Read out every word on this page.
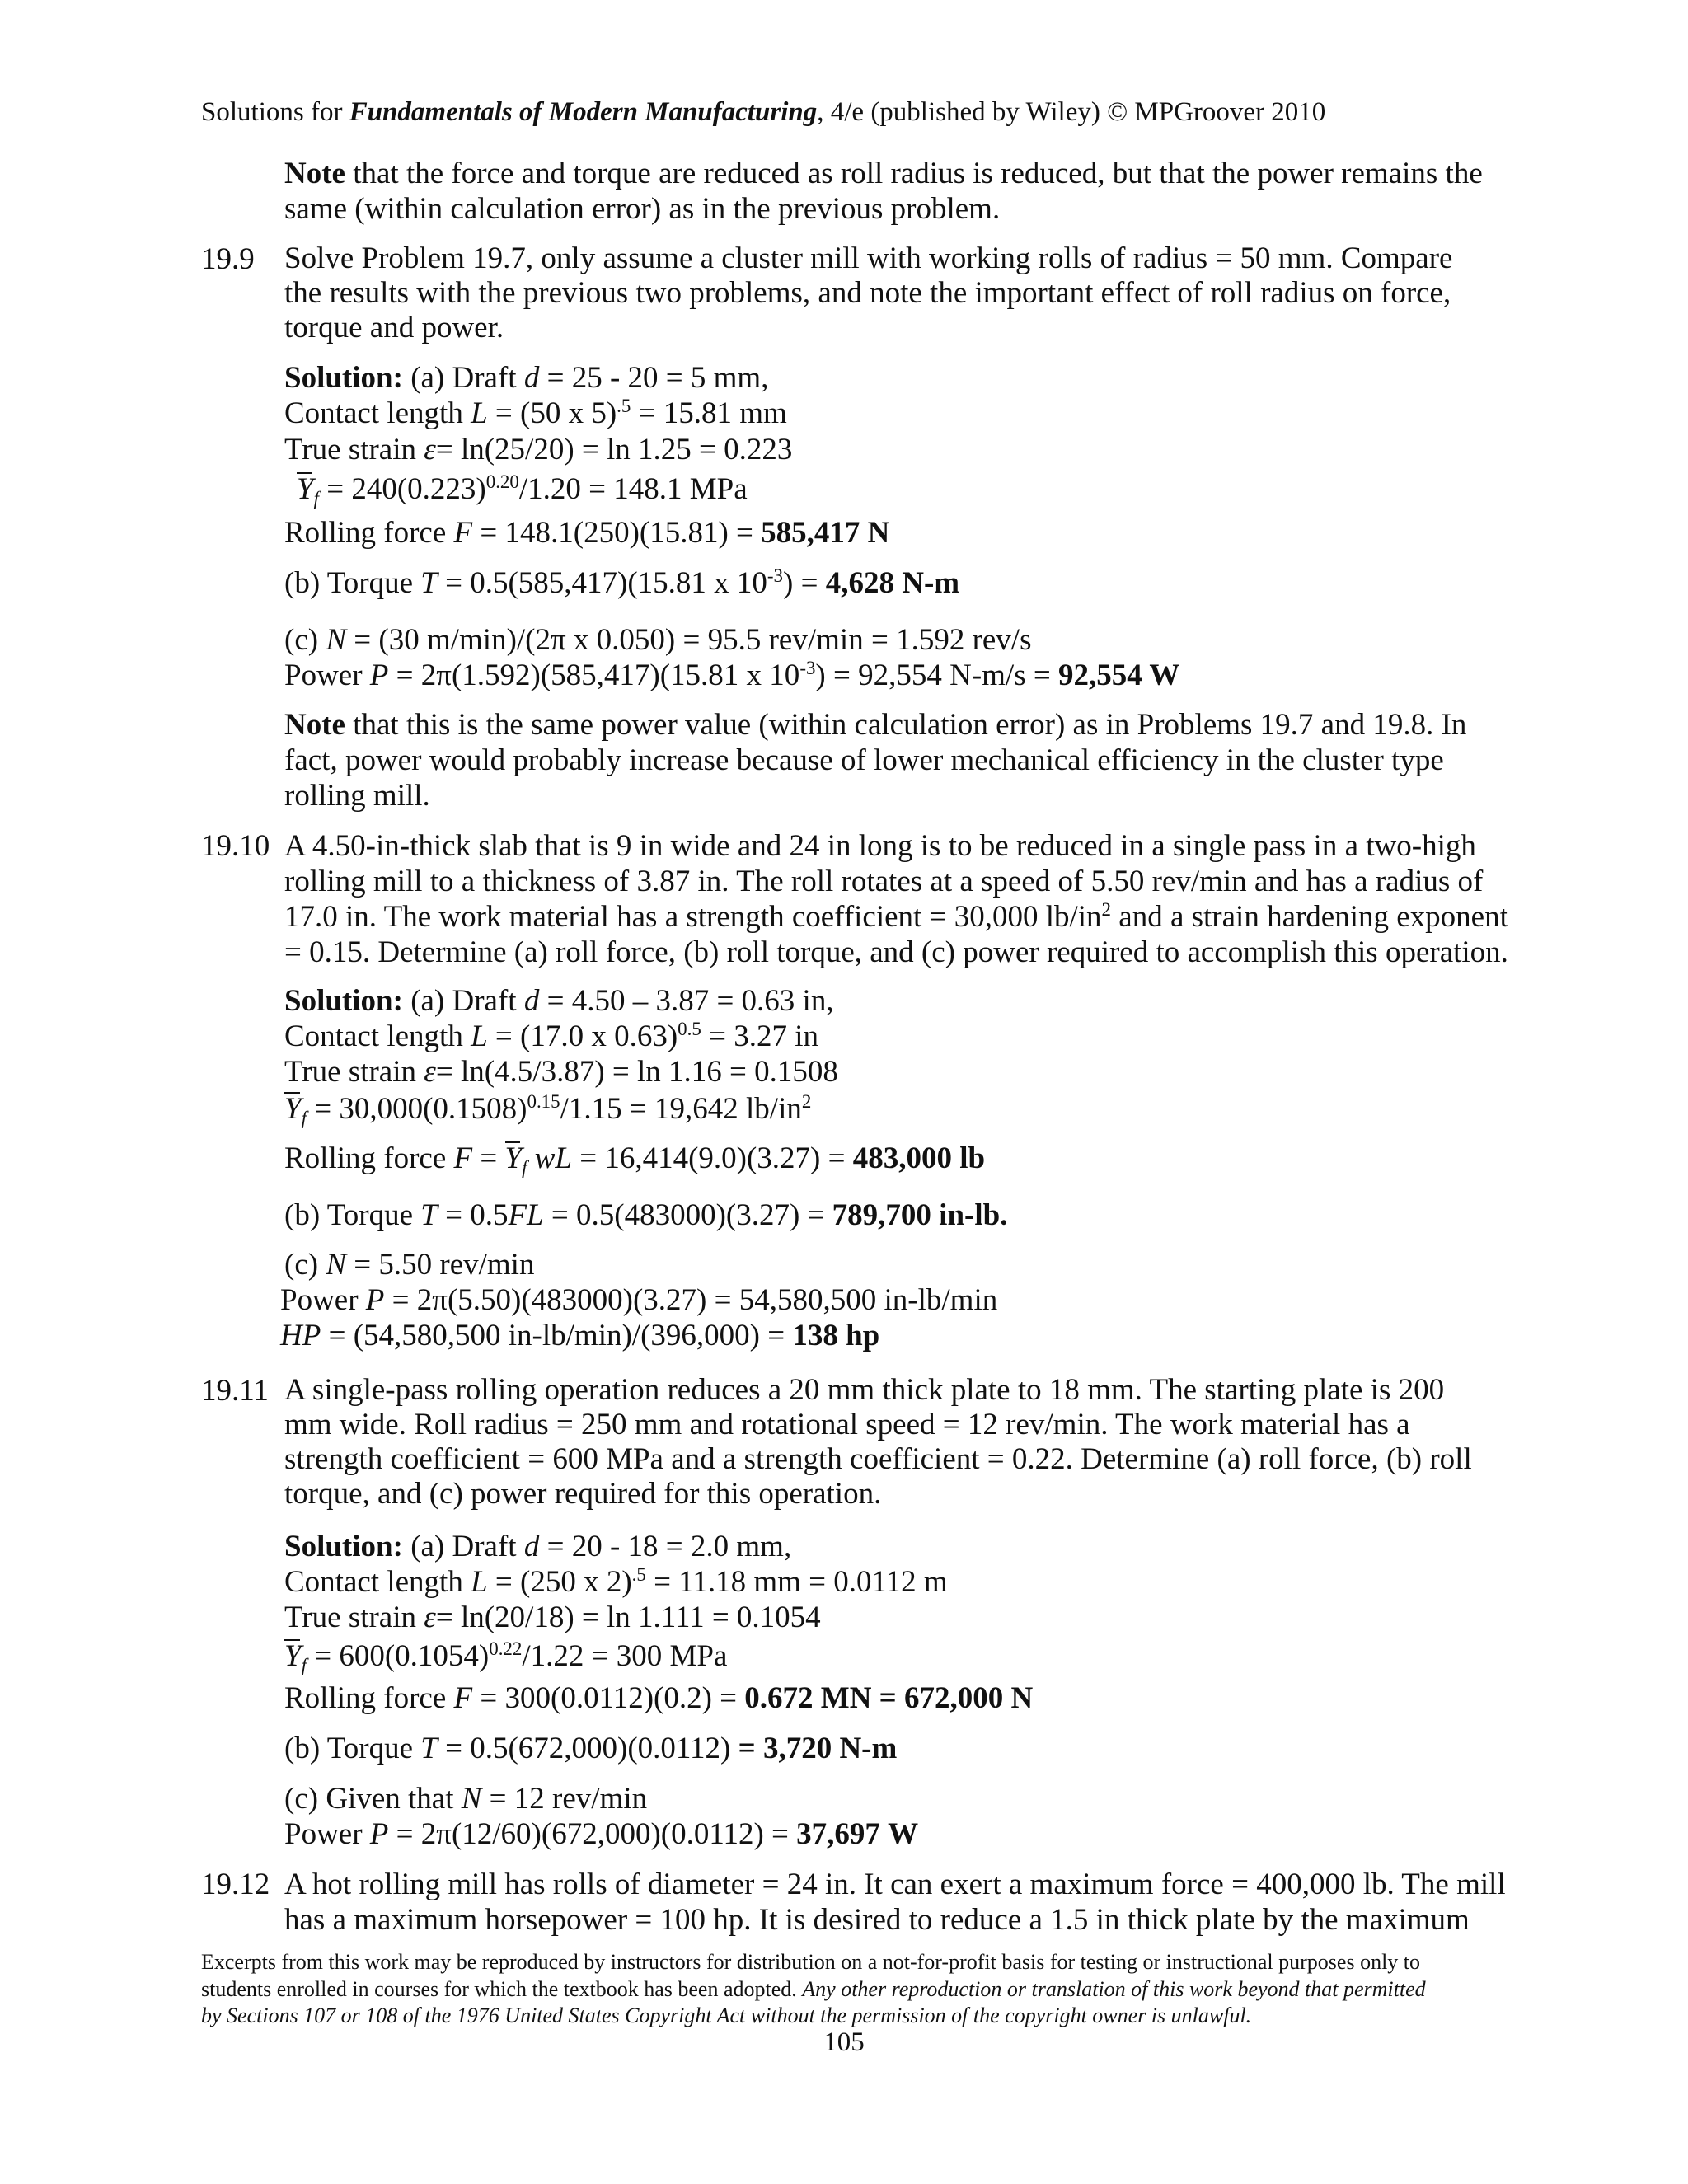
Solutions for Fundamentals of Modern Manufacturing, 4/e (published by Wiley) © MPGroover 2010
Note that the force and torque are reduced as roll radius is reduced, but that the power remains the
same (within calculation error) as in the previous problem.
19.9 Solve Problem 19.7, only assume a cluster mill with working rolls of radius = 50 mm. Compare the results with the previous two problems, and note the important effect of roll radius on force, torque and power.
Solution: (a) Draft d = 25 - 20 = 5 mm,
Contact length L = (50 x 5)$^{.5}$ = 15.81 mm
True strain ε= ln(25/20) = ln 1.25 = 0.223
$Y_f = 240(0.223)^{0.20}/1.20 = 148.1$ MPa
Rolling force F = 148.1(250)(15.81) = 585,417 N
(b) Torque T = 0.5(585,417)(15.81 x $10^{-3}) = 4,628$ N-m
(c) N = (30 m/min)/(2π x 0.050) = 95.5 rev/min = 1.592 rev/s
Power P = 2π(1.592)(585,417)(15.81 x $10^{-3}) = 92,554$ N-m/s = 92,554 W
Note that this is the same power value (within calculation error) as in Problems 19.7 and 19.8. In
fact, power would probably increase because of lower mechanical efficiency in the cluster type
rolling mill.
19.10 A 4.50-in-thick slab that is 9 in wide and 24 in long is to be reduced in a single pass in a two-high
rolling mill to a thickness of 3.87 in. The roll rotates at a speed of 5.50 rev/min and has a radius of
17.0 in. The work material has a strength coefficient = 30,000 $lb/in^2$ and a strain hardening exponent
= 0.15. Determine (a) roll force, (b) roll torque, and (c) power required to accomplish this operation.
Solution: (a) Draft d = 4.50 – 3.87 = 0.63 in,
Contact length L = (17.0 x 0.63)$^{0.5}$ = 3.27 in
True strain ε= ln(4.5/3.87) = ln 1.16 = 0.1508
$Y_f = 30,000(0.1508)^{0.15}/1.15 = 19,642$ $lb/in^2$
Rolling force $F = Y_f$ wL = 16,414(9.0)(3.27) = 483,000 lb
(b) Torque T = 0.5FL = 0.5(483000)(3.27) = 789,700 in-lb.
(c) N = 5.50 rev/min
Power P = 2π(5.50)(483000)(3.27) = 54,580,500 in-lb/min
HP = (54,580,500 in-lb/min)/(396,000) = 138 hp
19.11 A single-pass rolling operation reduces a 20 mm thick plate to 18 mm. The starting plate is 200 mm wide. Roll radius = 250 mm and rotational speed = 12 rev/min. The work material has a strength coefficient = 600 MPa and a strength coefficient = 0.22. Determine (a) roll force, (b) roll torque, and (c) power required for this operation.
Solution: (a) Draft d = 20 - 18 = 2.0 mm,
Contact length L = (250 x 2)$^{.5}$ = 11.18 mm = 0.0112 m
True strain ε= ln(20/18) = ln 1.111 = 0.1054
$Y_f = 600(0.1054)^{0.22}/1.22 = 300$ MPa
Rolling force F = 300(0.0112)(0.2) = 0.672 MN = 672,000 N
(b) Torque T = 0.5(672,000)(0.0112) = 3,720 N-m
(c) Given that N = 12 rev/min
Power P = 2π(12/60)(672,000)(0.0112) = 37,697 W
19.12 A hot rolling mill has rolls of diameter = 24 in. It can exert a maximum force = 400,000 lb. The mill
has a maximum horsepower = 100 hp. It is desired to reduce a 1.5 in thick plate by the maximum
Excerpts from this work may be reproduced by instructors for distribution on a not-for-profit basis for testing or instructional purposes only to
students enrolled in courses for which the textbook has been adopted. Any other reproduction or translation of this work beyond that permitted
by Sections 107 or 108 of the 1976 United States Copyright Act without the permission of the copyright owner is unlawful.
105
